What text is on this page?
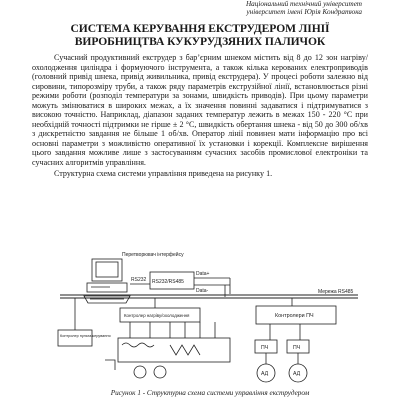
Національний технічний університет
університет імені Юрія Кондратюка
СИСТЕМА КЕРУВАННЯ ЕКСТРУДЕРОМ ЛІНІЇ
ВИРОБНИЦТВА КУКУРУДЗЯНИХ ПАЛИЧОК

Сучасний продуктивний екструдер з бар’єрним шнеком містить від 8 до 12 зон нагріву/охолодження циліндра і формуючого інструмента, а також кілька керованих електроприводів (головний привід шнека, привід живильника, привід екструдера). У процесі роботи залежно від сировини, типорозміру труби, а також ряду параметрів екструзійної лінії, встановлюється різні режими роботи (розподіл температури за зонами, швидкість приводів). При цьому параметри можуть змінюватися в широких межах, а їх значення повинні задаватися і підтримуватися з високою точністю. Наприклад, діапазон заданих температур лежить в межах 150 - 220 °С при необхідній точності підтримки не гірше ± 2 °С, швидкість обертання шнека - від 50 до 300 об/хв з дискретністю завдання не більше 1 об/хв. Оператор лінії повинен мати інформацію про всі основні параметри з можливістю оперативної їх установки і корекції. Комплексне вирішення цього завдання можливе лише з застосуванням сучасних засобів промислової електроніки та сучасних алгоритмів управління.

Структурна схема системи управління приведена на рисунку 1.

Перетворювач інтерфейсу
RS232 RS232/RS485
Data+
Data-	Мережа RS485
Контролер нагріву/охолодження	Контролери ПЧ
Контролер пульта керування
ПЧ	ПЧ
АД	АД
Рисунок 1 - Структурна схема системи управління екструдером
